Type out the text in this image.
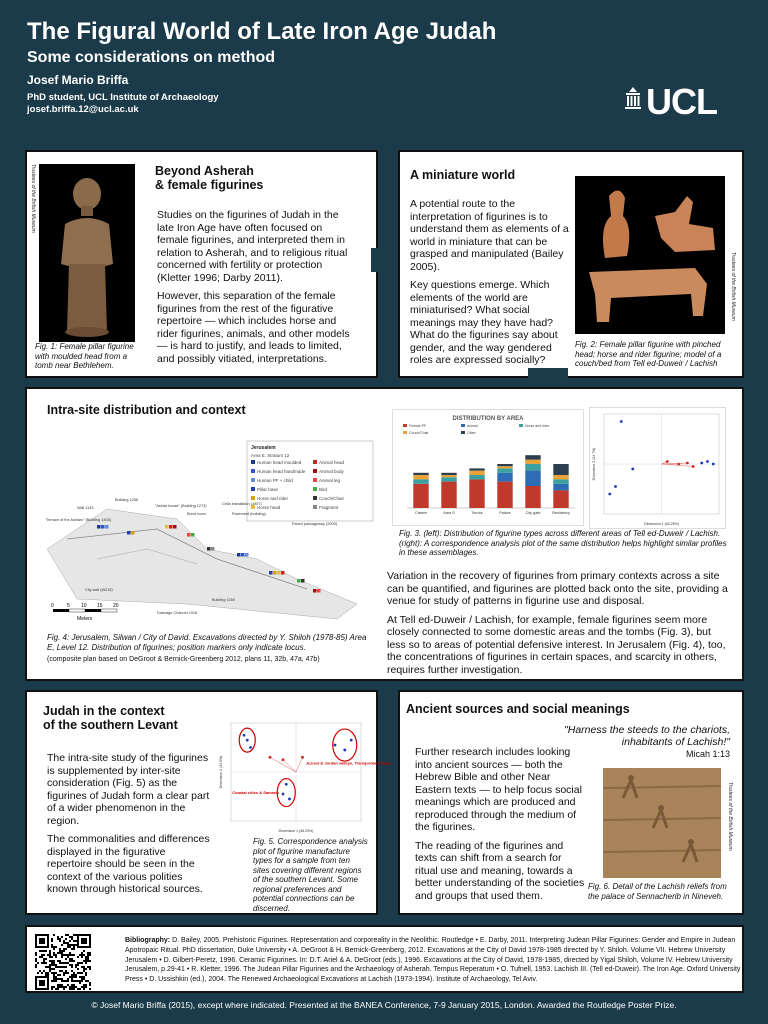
The Figural World of Late Iron Age Judah
Some considerations on method
Josef Mario Briffa
PhD student, UCL Institute of Archaeology
josef.briffa.12@ucl.ac.uk	UCL
Trustees of the British Museum	Beyond Asherah
& female figurines

Studies on the figurines of Judah in the late Iron Age have often focused on female figurines, and interpreted them in relation to Asherah, and to religious ritual concerned with fertility or protection (Kletter 1996; Darby 2011).

However, this separation of the female figurines from the rest of the figurative repertoire — which includes horse and rider figurines, animals, and other models — is hard to justify, and leads to limited, and possibly vitiated, interpretations.

Fig. 1: Female pillar figurine with moulded head from a tomb near Bethlehem.
A miniature world

A potential route to the interpretation of figurines is to understand them as elements of a world in miniature that can be grasped and manipulated (Bailey 2005).

Key questions emerge. Which elements of the world are miniaturised? What social meanings may they have had? What do the figurines say about gender, and the way gendered roles are expressed socially?

Trustees of the British Museum
Fig. 2: Female pillar figurine with pinched head; horse and rider figurine; model of a couch/bed from Tell ed-Duweir / Lachish
Intra-site distribution and context
Jerusalem
Area E, Stratum 12
Human head moulded
Human head handmade
Human PF + child
Pillar base
Horse and rider
Horse head
Animal head
Animal body
Animal leg
Bird
Couch/Chair
Fragment
Building 1256
Wall 1133
"Terrace of the Ashlars" (Building 1403)
"Ashlar house" (Building 1273)
Burnt room
Cella installation (1907)
Pavement (building)
Paved passageway (2009)
City wall (W215)
Drainage Channel L918
Building 1000
0	5 10 15 20
Meters
Fig. 4: Jerusalem, Silwan / City of David. Excavations directed by Y. Shiloh (1978-85) Area E, Level 12. Distribution of figurines; position markers only indicate locus.
(composite plan based on DeGroot & Bernick-Greenberg 2012, plans 11, 32b, 47a, 47b)
DISTRIBUTION BY AREA
Female PF	Animal	Horse and rider
Couch/Chair	Other
Cistern	Area S	Tombs	Palace	City gate	Residency
Dimension 1 (60.25%)
Dimension 2 (24.7%)
Fig. 3. (left): Distribution of figurine types across different areas of Tell ed-Duweir / Lachish. (right): A correspondence analysis plot of the same distribution helps highlight similar profiles in these assemblages.

Variation in the recovery of figurines from primary contexts across a site can be quantified, and figurines are plotted back onto the site, providing a venue for study of patterns in figurine use and disposal.

At Tell ed-Duweir / Lachish, for example, female figurines seem more closely connected to some domestic areas and the tombs (Fig. 3), but less so to areas of potential defensive interest. In Jerusalem (Fig. 4), too, the concentrations of figurines in certain spaces, and scarcity in others, requires further investigation.

Judah in the context
of the southern Levant

The intra-site study of the figurines is supplemented by inter-site consideration (Fig. 5) as the figurines of Judah form a clear part of a wider phenomenon in the region.

The commonalities and differences displayed in the figurative repertoire should be seen in the context of the various polities known through historical sources.

Dimension 1 (46.25%)
Dimension 2 (20.5%)
Coastal cities & Samaria
Jezreel & Jordan valleys, Transjordan, Negev
Fig. 5. Correspondence analysis plot of figurine manufacture types for a sample from ten sites covering different regions of the southern Levant. Some regional preferences and potential connections can be discerned.
Ancient sources and social meanings
"Harness the steeds to the chariots, inhabitants of Lachish!"
Micah 1:13

Further research includes looking into ancient sources — both the Hebrew Bible and other Near Eastern texts — to help focus social meanings which are produced and reproduced through the medium of the figurines.

The reading of the figurines and texts can shift from a search for ritual use and meaning, towards a better understanding of the societies and groups that used them.

Trustees of the British Museum
Fig. 6. Detail of the Lachish reliefs from the palace of Sennacherib in Nineveh.
Bibliography: D. Bailey, 2005. Prehistoric Figurines. Representation and corporeality in the Neolithic. Routledge • E. Darby, 2011. Interpreting Judean Pillar Figurines: Gender and Empire in Judean Apotropaic Ritual. PhD dissertation, Duke University • A. DeGroot & H. Bernick-Greenberg, 2012. Excavations at the City of David 1978-1985 directed by Y. Shiloh. Volume VII. Hebrew University Jerusalem • D. Gilbert-Peretz, 1996. Ceramic Figurines. In: D.T. Ariel & A. DeGroot (eds.), 1996. Excavations at the City of David, 1978-1985, directed by Yigal Shiloh, Volume IV. Hebrew University Jerusalem, p.29-41 • R. Kletter, 1996. The Judean Pillar Figurines and the Archaeology of Asherah. Tempus Reperatum • O. Tufnell, 1953. Lachish III. (Tell ed-Duweir). The Iron Age. Oxford University Press • D. Ussishkin (ed.), 2004. The Renewed Archaeological Excavations at Lachish (1973-1994). Institute of Archaeology, Tel Aviv.
© Josef Mario Briffa (2015), except where indicated. Presented at the BANEA Conference, 7-9 January 2015, London. Awarded the Routledge Poster Prize.
